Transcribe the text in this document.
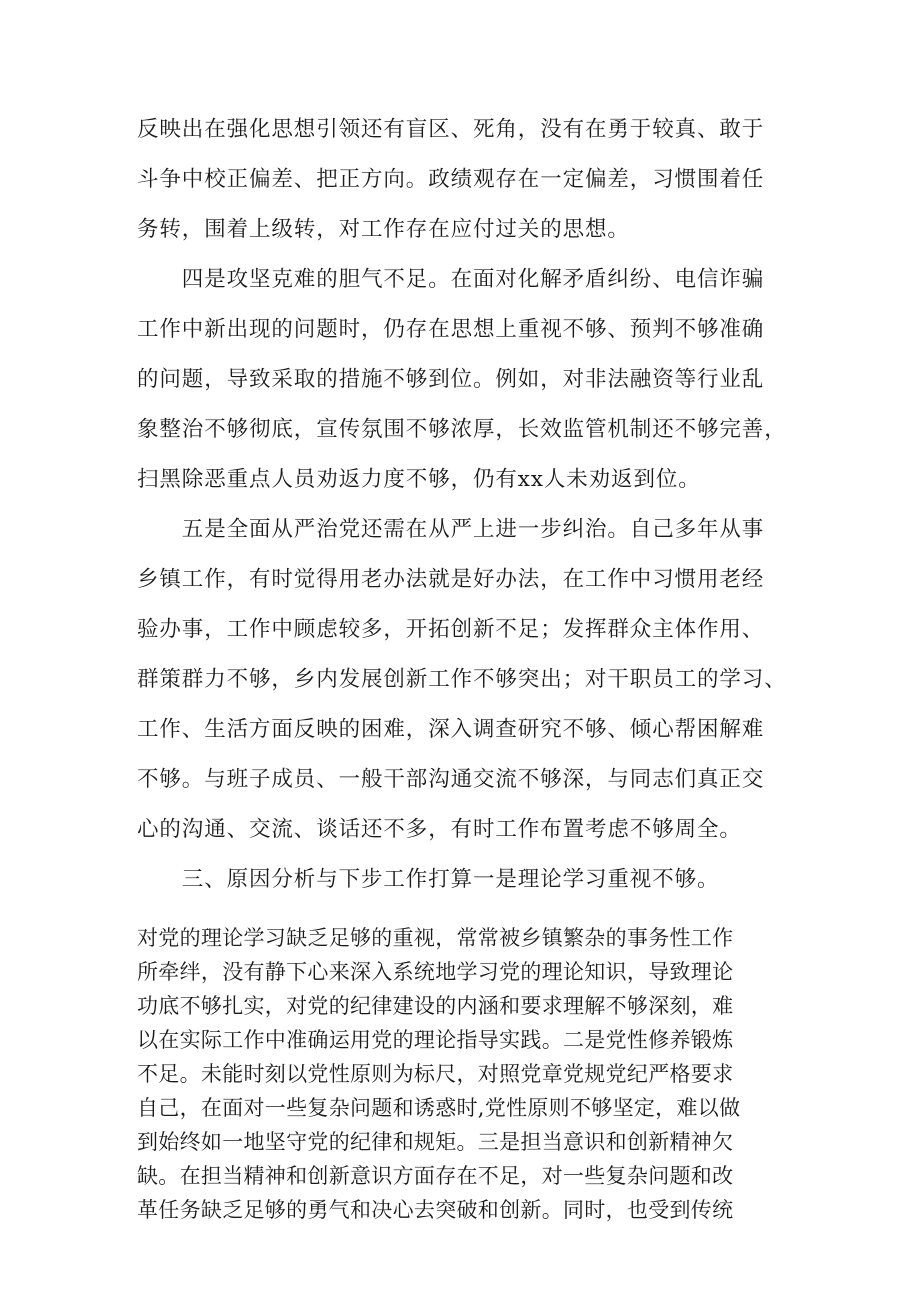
反映出在强化思想引领还有盲区、死角，没有在勇于较真、敢于
斗争中校正偏差、把正方向。政绩观存在一定偏差，习惯围着任
务转，围着上级转，对工作存在应付过关的思想。
　　四是攻坚克难的胆气不足。在面对化解矛盾纠纷、电信诈骗
工作中新出现的问题时，仍存在思想上重视不够、预判不够准确
的问题，导致采取的措施不够到位。例如，对非法融资等行业乱
象整治不够彻底，宣传氛围不够浓厚，长效监管机制还不够完善，
扫黑除恶重点人员劝返力度不够，仍有xx人未劝返到位。
　　五是全面从严治党还需在从严上进一步纠治。自己多年从事
乡镇工作，有时觉得用老办法就是好办法，在工作中习惯用老经
验办事，工作中顾虑较多，开拓创新不足；发挥群众主体作用、
群策群力不够，乡内发展创新工作不够突出；对干职员工的学习、
工作、生活方面反映的困难，深入调查研究不够、倾心帮困解难
不够。与班子成员、一般干部沟通交流不够深，与同志们真正交
心的沟通、交流、谈话还不多，有时工作布置考虑不够周全。
　　三、原因分析与下步工作打算一是理论学习重视不够。
对党的理论学习缺乏足够的重视，常常被乡镇繁杂的事务性工作
所牵绊，没有静下心来深入系统地学习党的理论知识，导致理论
功底不够扎实，对党的纪律建设的内涵和要求理解不够深刻，难
以在实际工作中准确运用党的理论指导实践。二是党性修养锻炼
不足。未能时刻以党性原则为标尺，对照党章党规党纪严格要求
自己，在面对一些复杂问题和诱惑时,党性原则不够坚定，难以做
到始终如一地坚守党的纪律和规矩。三是担当意识和创新精神欠
缺。在担当精神和创新意识方面存在不足，对一些复杂问题和改
革任务缺乏足够的勇气和决心去突破和创新。同时，也受到传统
